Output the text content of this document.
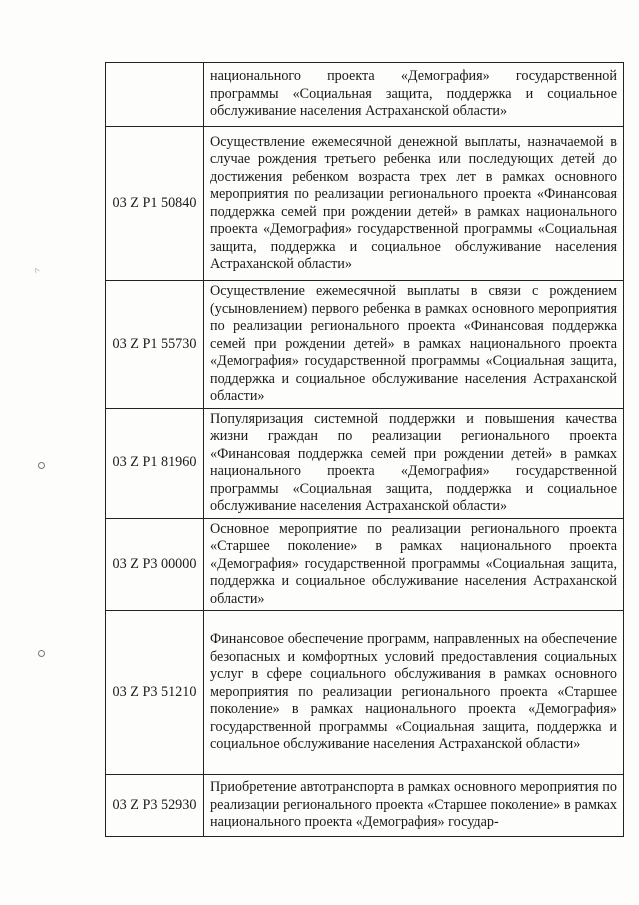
^
	национального проекта «Демография» государственной программы «Социальная защита, поддержка и социальное обслуживание населения Астраханской области»
03 Z P1 50840	Осуществление ежемесячной денежной выплаты, назначаемой в случае рождения третьего ребенка или последующих детей до достижения ребенком возраста трех лет в рамках основного мероприятия по реализации регионального проекта «Финансовая поддержка семей при рождении детей» в рамках национального проекта «Демография» государственной программы «Социальная защита, поддержка и социальное обслуживание населения Астраханской области»
03 Z P1 55730	Осуществление ежемесячной выплаты в связи с рождением (усыновлением) первого ребенка в рамках основного мероприятия по реализации регионального проекта «Финансовая поддержка семей при рождении детей» в рамках национального проекта «Демография» государственной программы «Социальная защита, поддержка и социальное обслуживание населения Астраханской области»
03 Z P1 81960	Популяризация системной поддержки и повышения качества жизни граждан по реализации регионального проекта «Финансовая поддержка семей при рождении детей» в рамках национального проекта «Демография» государственной программы «Социальная защита, поддержка и социальное обслуживание населения Астраханской области»
03 Z P3 00000	Основное мероприятие по реализации регионального проекта «Старшее поколение» в рамках национального проекта «Демография» государственной программы «Социальная защита, поддержка и социальное обслуживание населения Астраханской области»
03 Z P3 51210	Финансовое обеспечение программ, направленных на обеспечение безопасных и комфортных условий предоставления социальных услуг в сфере социального обслуживания в рамках основного мероприятия по реализации регионального проекта «Старшее поколение» в рамках национального проекта «Демография» государственной программы «Социальная защита, поддержка и социальное обслуживание населения Астраханской области»
03 Z P3 52930	Приобретение автотранспорта в рамках основного мероприятия по реализации регионального проекта «Старшее поколение» в рамках национального проекта «Демография» государ-
